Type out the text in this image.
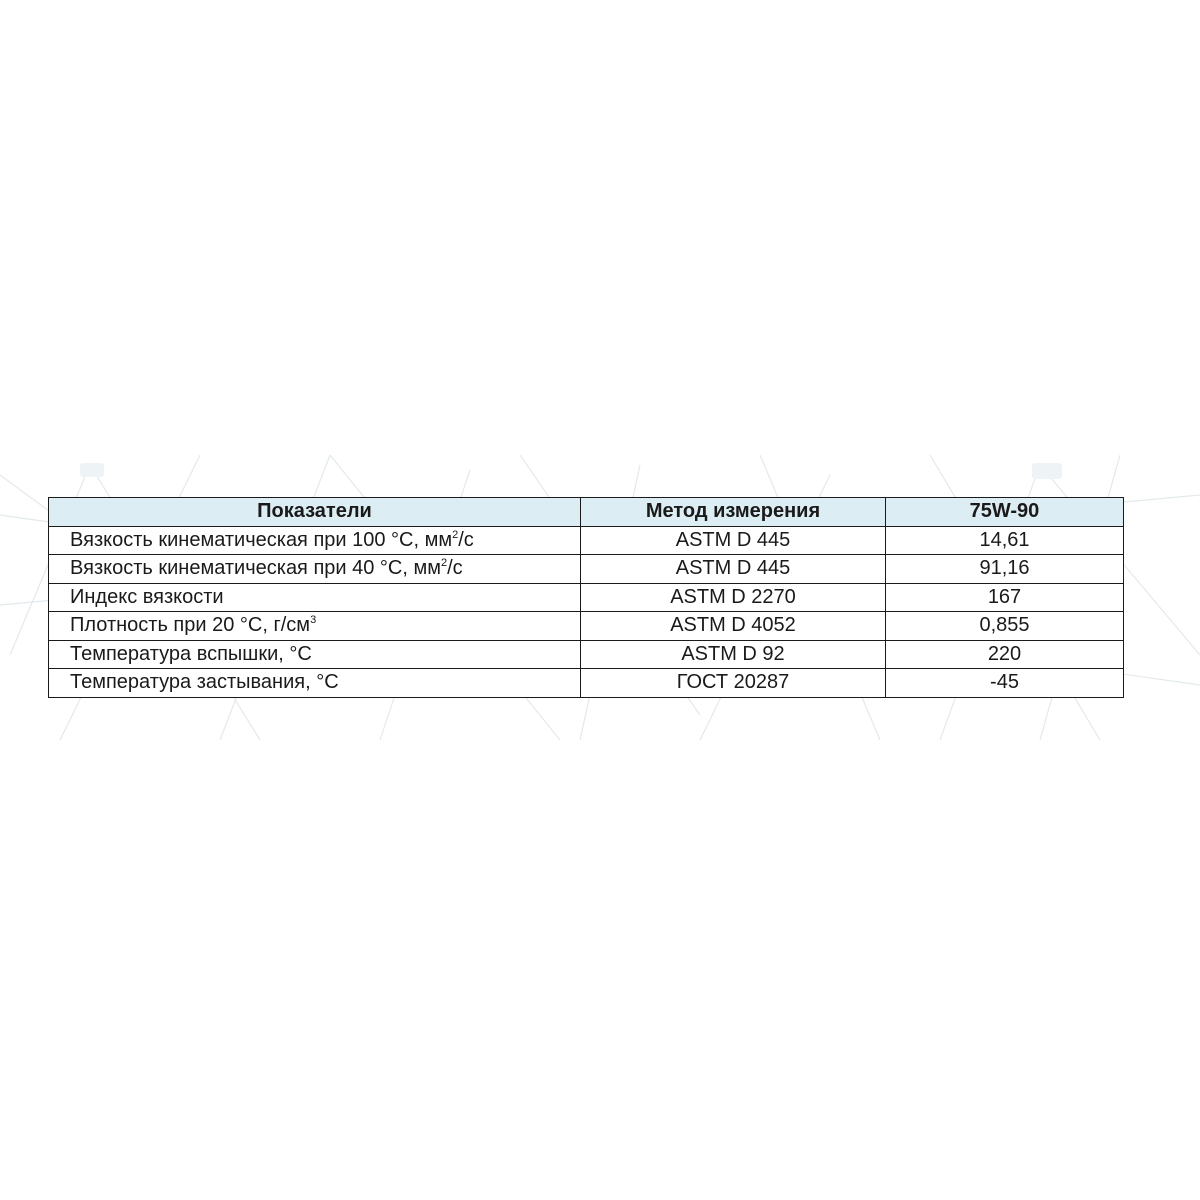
Показатели	Метод измерения	75W-90
Вязкость кинематическая при 100 °С, $мм^2/с$	ASTM D 445	14,61
Вязкость кинематическая при 40 °С, $мм^2/с$	ASTM D 445	91,16
Индекс вязкости	ASTM D 2270	167
Плотность при 20 °С, $г/см^3$	ASTM D 4052	0,855
Температура вспышки, °С	ASTM D 92	220
Температура застывания, °С	ГОСТ 20287	-45
